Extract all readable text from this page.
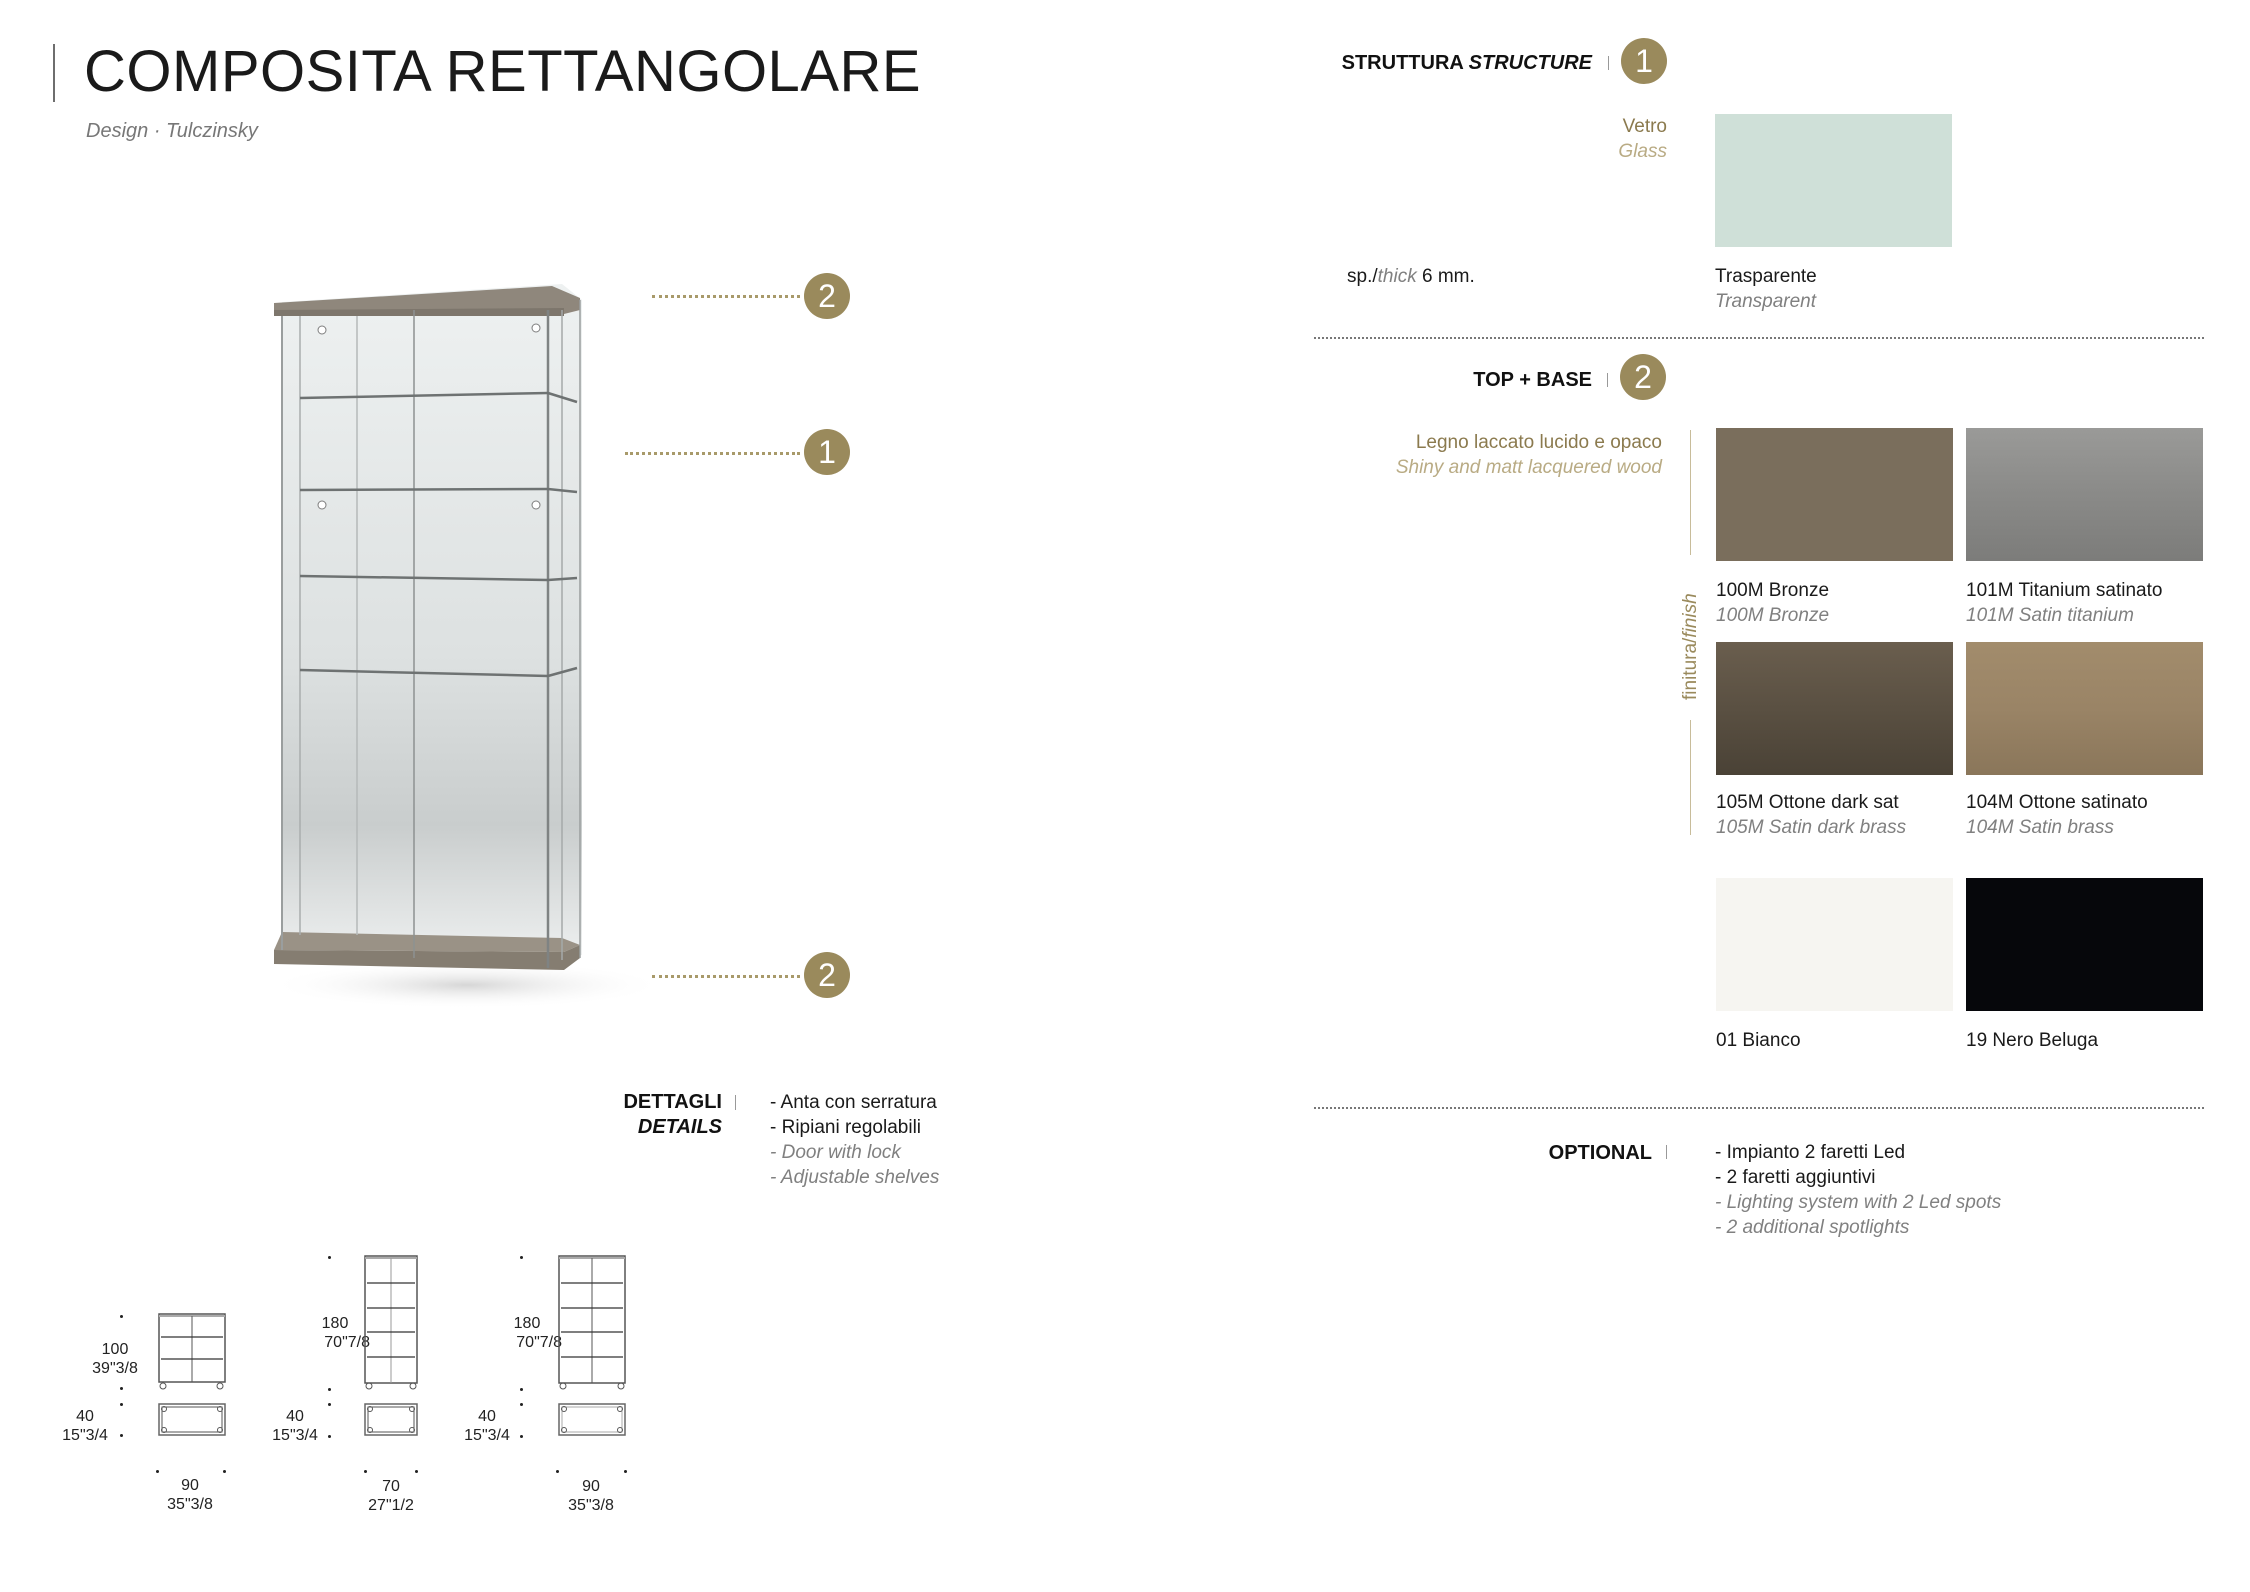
COMPOSITA RETTANGOLARE
Design · Tulczinsky
2
1
2
DETTAGLI
DETAILS
- Anta con serratura
- Ripiani regolabili
- Door with lock
- Adjustable shelves
100
39"3/8
40
15"3/4
90
35"3/8
180
70"7/8
40
15"3/4
70
27"1/2
180
70"7/8
40
15"3/4
90
35"3/8
STRUTTURA STRUCTURE	1
Vetro
Glass
sp./thick 6 mm.	Trasparente
Transparent
TOP + BASE	2
Legno laccato lucido e opaco
Shiny and matt lacquered wood
finitura/finish
100M Bronze
100M Bronze
101M Titanium satinato
101M Satin titanium
105M Ottone dark sat
105M Satin dark brass
104M Ottone satinato
104M Satin brass
01 Bianco	19 Nero Beluga
OPTIONAL	- Impianto 2 faretti Led
- 2 faretti aggiuntivi
- Lighting system with 2 Led spots
- 2 additional spotlights
